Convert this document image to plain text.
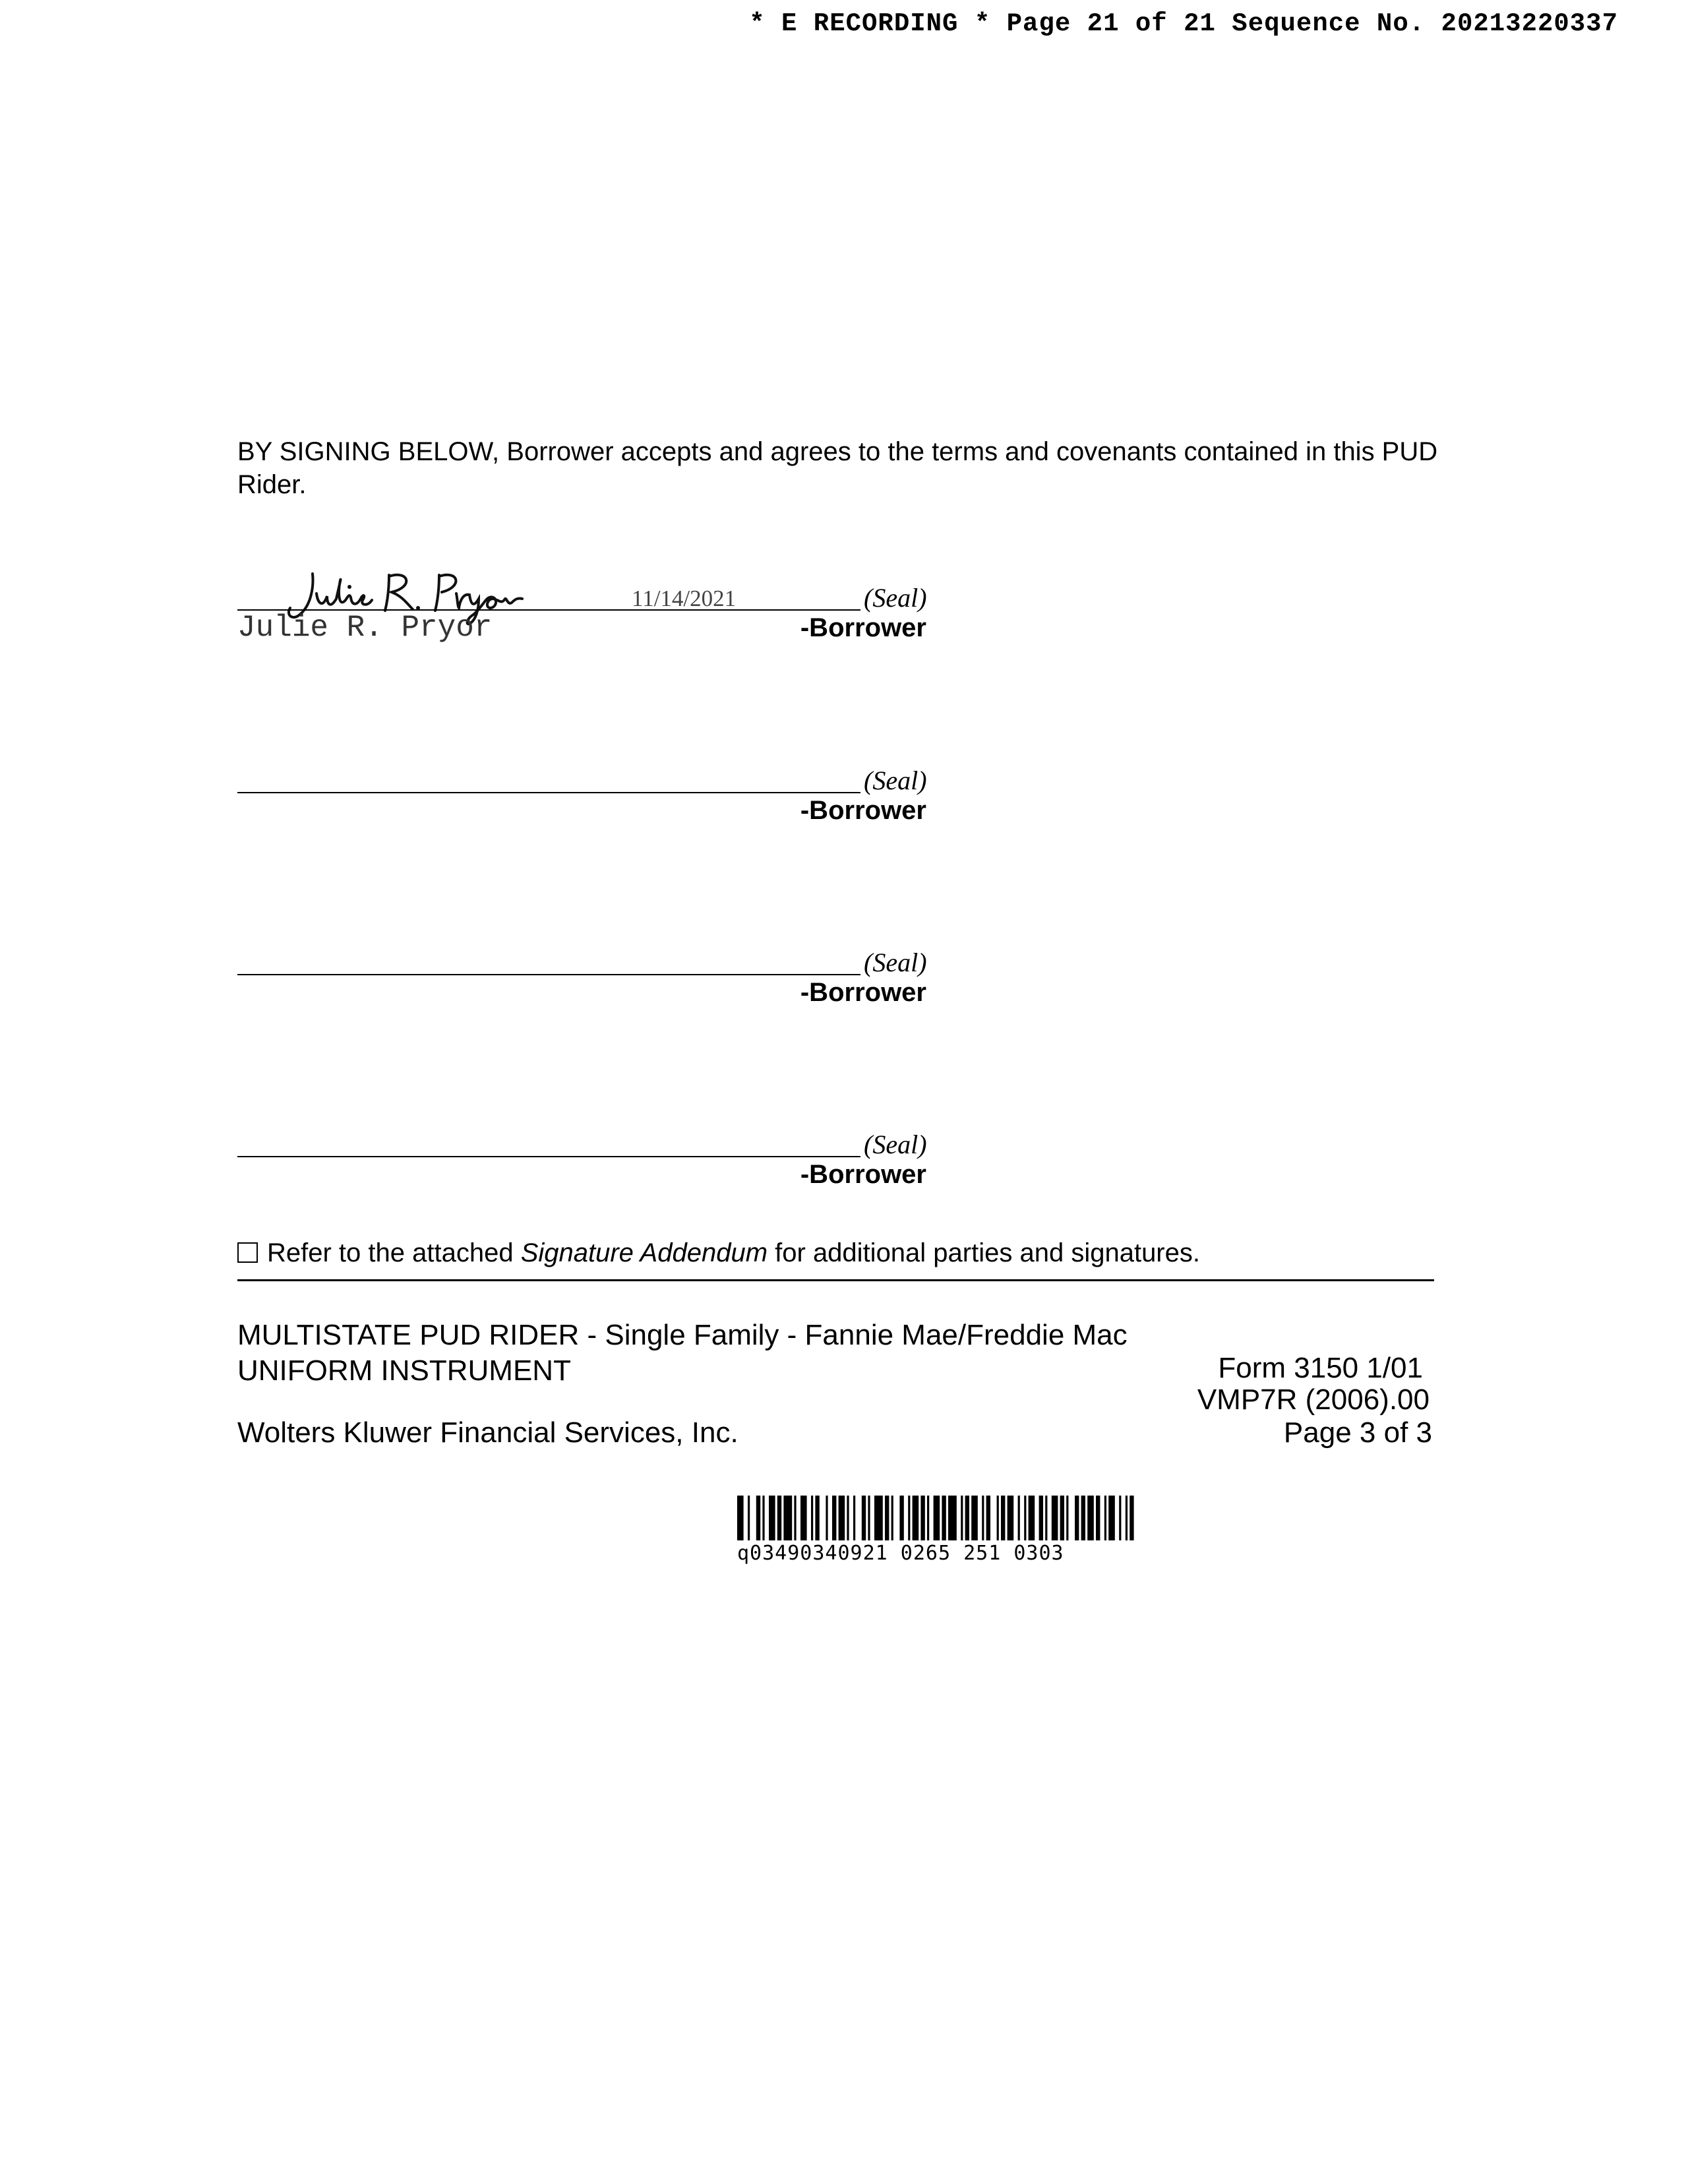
* E RECORDING * Page 21 of 21 Sequence No. 20213220337
BY SIGNING BELOW, Borrower accepts and agrees to the terms and covenants contained in this PUD Rider.
11/14/2021	(Seal)
-Borrower
Julie R. Pryor
(Seal)
-Borrower
(Seal)
-Borrower
(Seal)
-Borrower
Refer to the attached Signature Addendum for additional parties and signatures.
MULTISTATE PUD RIDER - Single Family - Fannie Mae/Freddie Mac
UNIFORM INSTRUMENT	Form 3150 1/01
VMP7R (2006).00
Wolters Kluwer Financial Services, Inc.	Page 3 of 3
q03490340921 0265 251 0303
